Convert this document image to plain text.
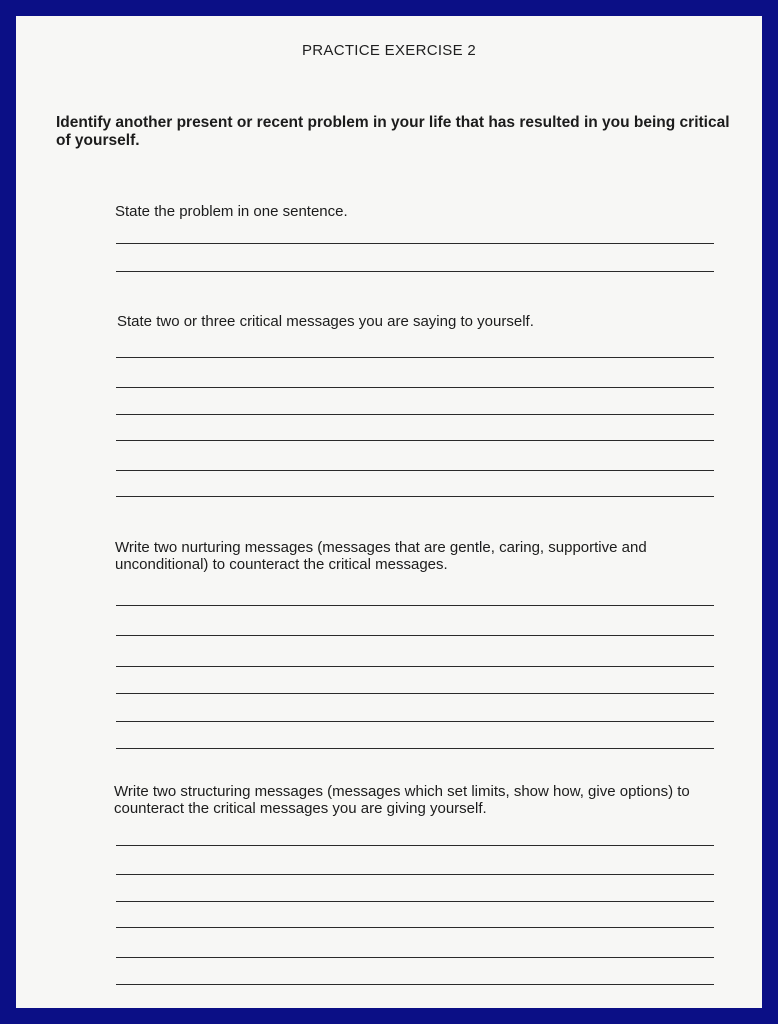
PRACTICE EXERCISE 2
Identify another present or recent problem in your life that has resulted in you being critical of yourself.
State the problem in one sentence.
State two or three critical messages you are saying to yourself.
Write two nurturing messages (messages that are gentle, caring, supportive and unconditional) to counteract the critical messages.
Write two structuring messages (messages which set limits, show how, give options) to counteract the critical messages you are giving yourself.
